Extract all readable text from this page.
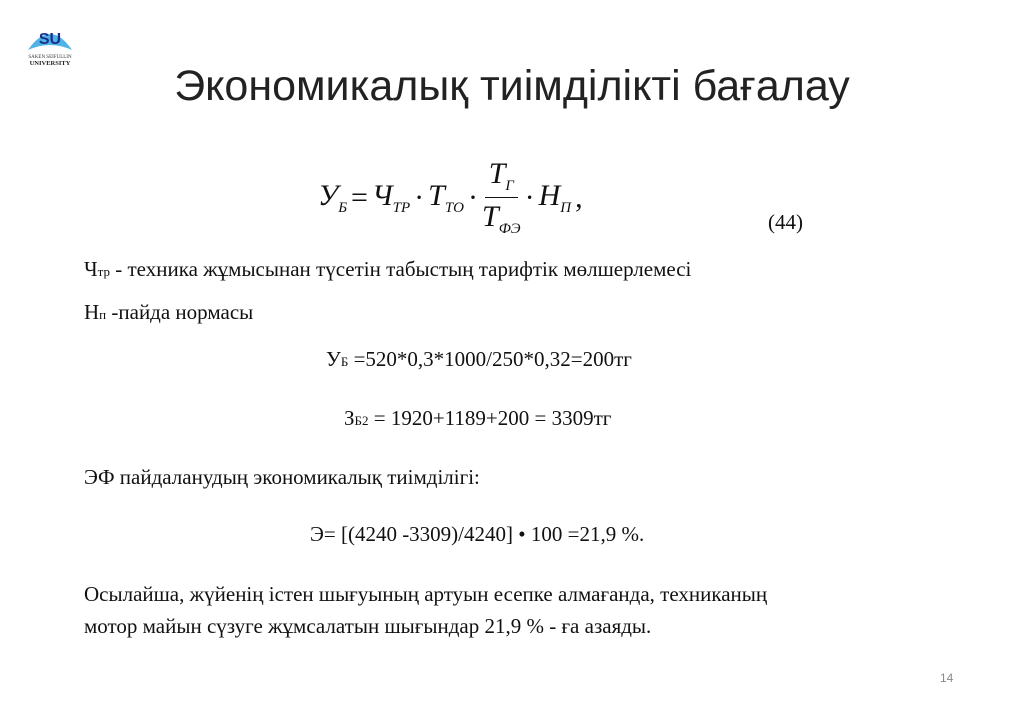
SU
SAKEN SEIFULLIN
UNIVERSITY	Экономикалық тиімділікті бағалау
$У_Б = Ч_{ТР} \cdot Т_{ТО}$ ·
$Т_Г$
$Т_{ФЭ}$
· $Н_П$ ,
(44)
Чтр - техника жұмысынан түсетін табыстың тарифтік мөлшерлемесі
Нп -пайда нормасы
УБ =520*0,3*1000/250*0,32=200тг
ЗБ2 = 1920+1189+200 = 3309тг
ЭФ пайдаланудың экономикалық тиімділігі:
Э= [(4240 -3309)/4240] • 100 =21,9 %.
Осылайша, жүйенің істен шығуының артуын есепке алмағанда, техниканың
мотор майын сүзуге жұмсалатын шығындар 21,9 % - ға азаяды.
14
